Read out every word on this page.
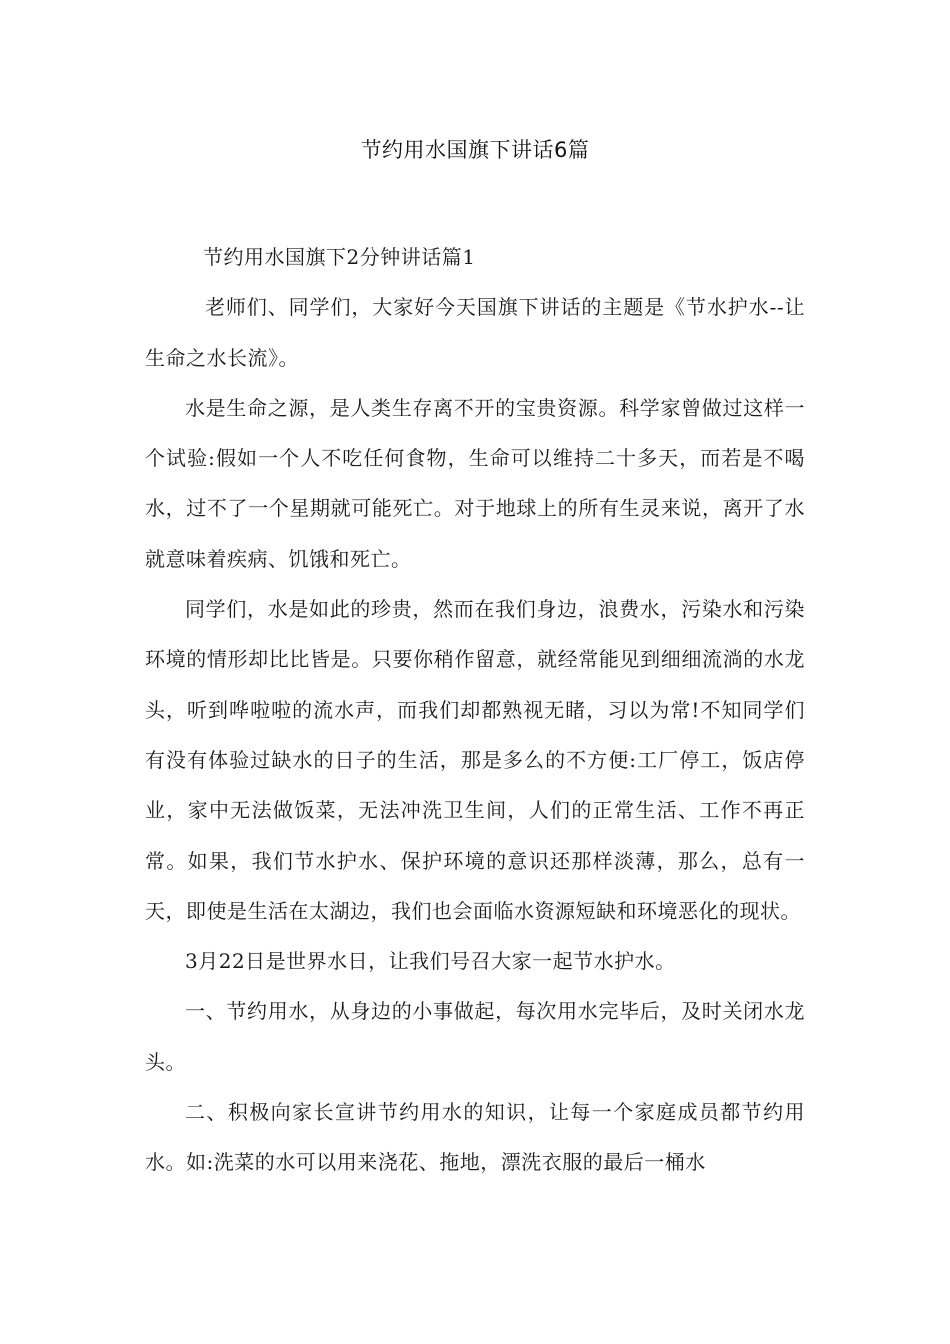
节约用水国旗下讲话6篇

节约用水国旗下2分钟讲话篇1

老师们、同学们，大家好今天国旗下讲话的主题是《节水护水--让生命之水长流》。

水是生命之源，是人类生存离不开的宝贵资源。科学家曾做过这样一个试验:假如一个人不吃任何食物，生命可以维持二十多天，而若是不喝水，过不了一个星期就可能死亡。对于地球上的所有生灵来说，离开了水就意味着疾病、饥饿和死亡。

同学们，水是如此的珍贵，然而在我们身边，浪费水，污染水和污染环境的情形却比比皆是。只要你稍作留意，就经常能见到细细流淌的水龙头，听到哗啦啦的流水声，而我们却都熟视无睹，习以为常!不知同学们有没有体验过缺水的日子的生活，那是多么的不方便:工厂停工，饭店停业，家中无法做饭菜，无法冲洗卫生间，人们的正常生活、工作不再正常。如果，我们节水护水、保护环境的意识还那样淡薄，那么，总有一天，即使是生活在太湖边，我们也会面临水资源短缺和环境恶化的现状。

3月22日是世界水日，让我们号召大家一起节水护水。

一、节约用水，从身边的小事做起，每次用水完毕后，及时关闭水龙头。

二、积极向家长宣讲节约用水的知识，让每一个家庭成员都节约用水。如:洗菜的水可以用来浇花、拖地，漂洗衣服的最后一桶水
